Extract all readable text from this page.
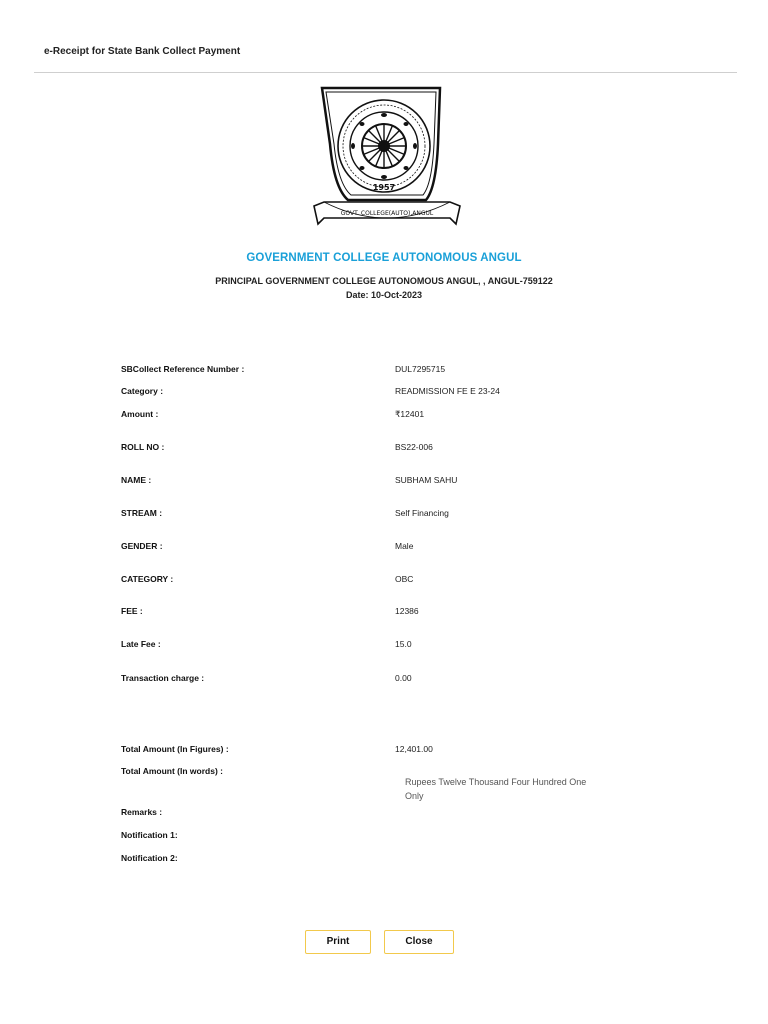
e-Receipt for State Bank Collect Payment
1957
GOVT. COLLEGE(AUTO),ANGUL
GOVERNMENT COLLEGE AUTONOMOUS ANGUL
PRINCIPAL GOVERNMENT COLLEGE AUTONOMOUS ANGUL, , ANGUL-759122
Date: 10-Oct-2023
SBCollect Reference Number :	DUL7295715
Category :	READMISSION FE E 23-24
Amount :	₹12401
ROLL NO :	BS22-006
NAME :	SUBHAM SAHU
STREAM :	Self Financing
GENDER :	Male
CATEGORY :	OBC
FEE :	12386
Late Fee :	15.0
Transaction charge :	0.00
Total Amount (In Figures) :	12,401.00
Total Amount (In words) :
Rupees Twelve Thousand Four Hundred One Only
Remarks :
Notification 1:
Notification 2:
Print	Close
